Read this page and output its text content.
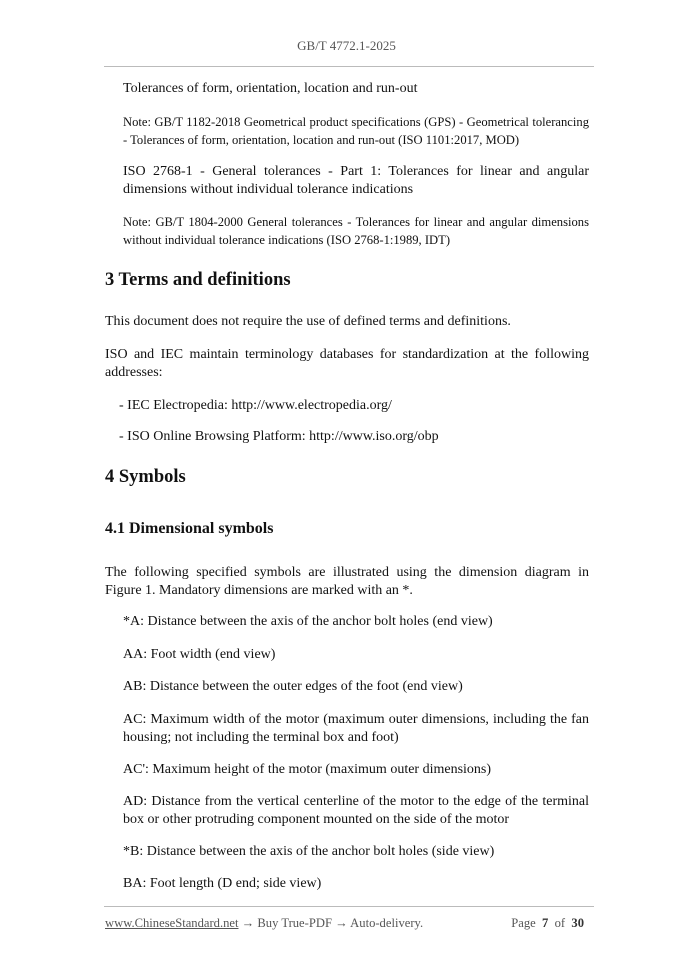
GB/T 4772.1-2025
Tolerances of form, orientation, location and run-out
Note: GB/T 1182-2018 Geometrical product specifications (GPS) - Geometrical tolerancing - Tolerances of form, orientation, location and run-out (ISO 1101:2017, MOD)
ISO 2768-1 - General tolerances - Part 1: Tolerances for linear and angular dimensions without individual tolerance indications
Note: GB/T 1804-2000 General tolerances - Tolerances for linear and angular dimensions without individual tolerance indications (ISO 2768-1:1989, IDT)
3 Terms and definitions
This document does not require the use of defined terms and definitions.
ISO and IEC maintain terminology databases for standardization at the following addresses:
- IEC Electropedia: http://www.electropedia.org/
- ISO Online Browsing Platform: http://www.iso.org/obp
4 Symbols
4.1 Dimensional symbols
The following specified symbols are illustrated using the dimension diagram in Figure 1. Mandatory dimensions are marked with an *.
*A: Distance between the axis of the anchor bolt holes (end view)
AA: Foot width (end view)
AB: Distance between the outer edges of the foot (end view)
AC: Maximum width of the motor (maximum outer dimensions, including the fan housing; not including the terminal box and foot)
AC': Maximum height of the motor (maximum outer dimensions)
AD: Distance from the vertical centerline of the motor to the edge of the terminal box or other protruding component mounted on the side of the motor
*B: Distance between the axis of the anchor bolt holes (side view)
BA: Foot length (D end; side view)
www.ChineseStandard.net → Buy True-PDF → Auto-delivery.	Page 7 of 30
